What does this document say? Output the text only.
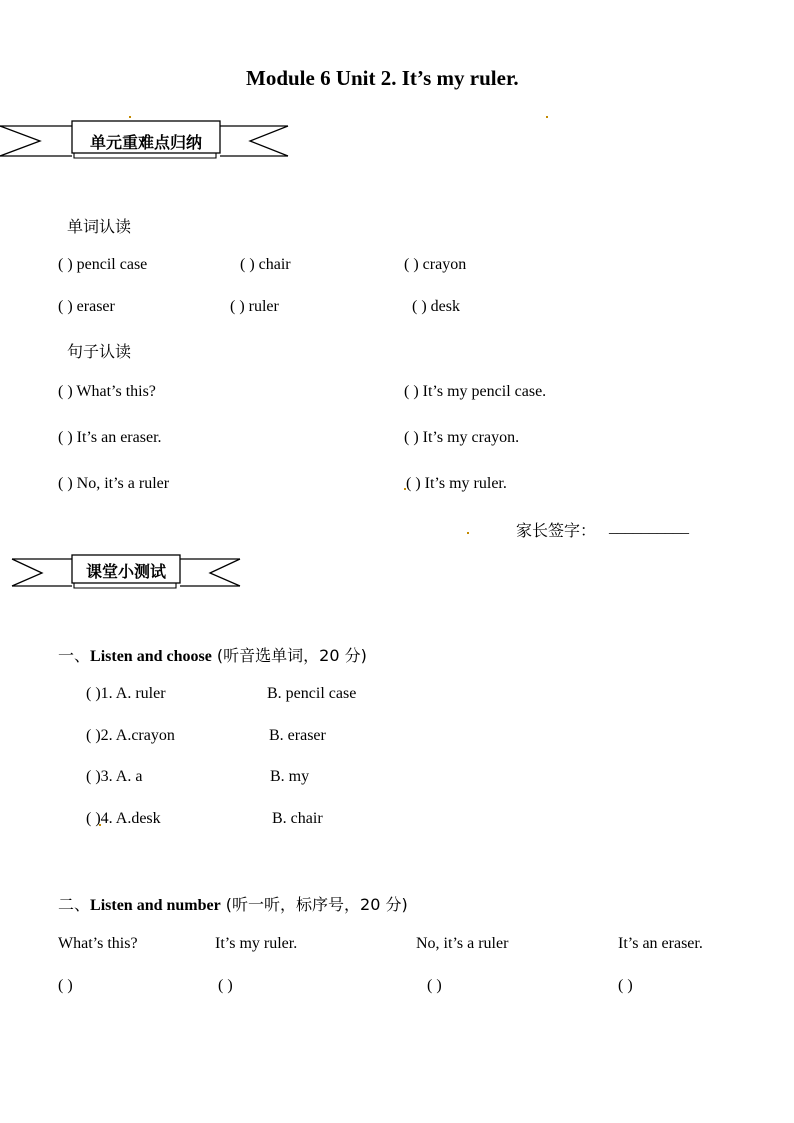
Module 6 Unit 2. It’s my ruler.
单元重难点归纳
单词认读
( ) pencil case	( ) chair	( ) crayon
( ) eraser	( ) ruler	( ) desk
句子认读
( ) What’s this?	( ) It’s my pencil case.
( ) It’s an eraser.	( ) It’s my crayon.
( ) No, it’s a ruler	( ) It’s my ruler.
家长签字： __________
课堂小测试
一、Listen and choose (听音选单词，20 分)
( )1. A. ruler	B. pencil case
( )2. A.crayon	B. eraser
( )3. A. a	B. my
( )4. A.desk	B. chair
二、Listen and number (听一听，标序号，20 分)
What’s this?	It’s my ruler.	No, it’s a ruler	It’s an eraser.
( )	( )	( )	( )
